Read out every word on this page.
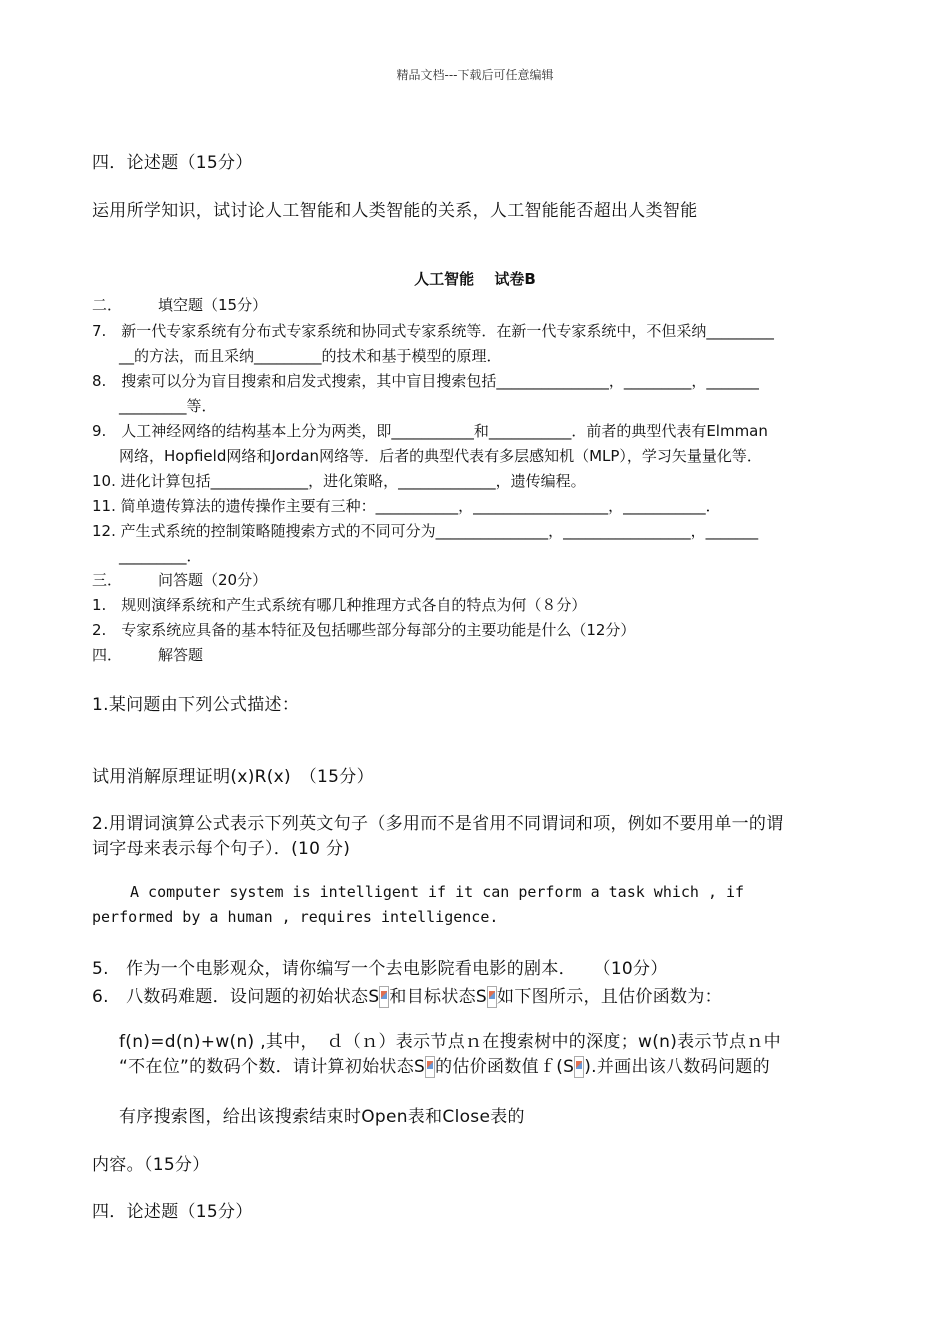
精品文档---下载后可任意编辑
四．论述题（15分）
运用所学知识，试讨论人工智能和人类智能的关系，人工智能能否超出人类智能
人工智能　 试卷B
二． 填空题（15分）
7.　新一代专家系统有分布式专家系统和协同式专家系统等．在新一代专家系统中，不但采纳_________
__的方法，而且采纳_________的技术和基于模型的原理．
8.　搜索可以分为盲目搜索和启发式搜索，其中盲目搜索包括_______________，_________，_______
_________等．
9.　人工神经网络的结构基本上分为两类，即___________和___________．前者的典型代表有Elmman
网络，Hopfield网络和Jordan网络等．后者的典型代表有多层感知机（MLP），学习矢量量化等．
10. 进化计算包括_____________，进化策略，_____________，遗传编程。
11. 简单遗传算法的遗传操作主要有三种：___________，__________________，___________．
12. 产生式系统的控制策略随搜索方式的不同可分为_______________，_________________，_______
_________．
三． 问答题（20分）
1.　规则演绎系统和产生式系统有哪几种推理方式各自的特点为何（８分）
2.　专家系统应具备的基本特征及包括哪些部分每部分的主要功能是什么（12分）
四． 解答题
1.某问题由下列公式描述：
试用消解原理证明(x)R(x)　（15分）
2.用谓词演算公式表示下列英文句子（多用而不是省用不同谓词和项，例如不要用单一的谓
词字母来表示每个句子）．(10 分)
A computer system is intelligent if it can perform a task which , if
performed by a human , requires intelligence.
5.　作为一个电影观众，请你编写一个去电影院看电影的剧本．　　（10分）
6.　八数码难题．设问题的初始状态S 和目标状态S 如下图所示，且估价函数为：
f(n)=d(n)+w(n) ,其中，　ｄ（ｎ）表示节点ｎ在搜索树中的深度；w(n)表示节点ｎ中
“不在位”的数码个数．请计算初始状态S 的估价函数值ｆ(S ).并画出该八数码问题的
有序搜索图，给出该搜索结束时Open表和Close表的
内容。（15分）
四．论述题（15分）
